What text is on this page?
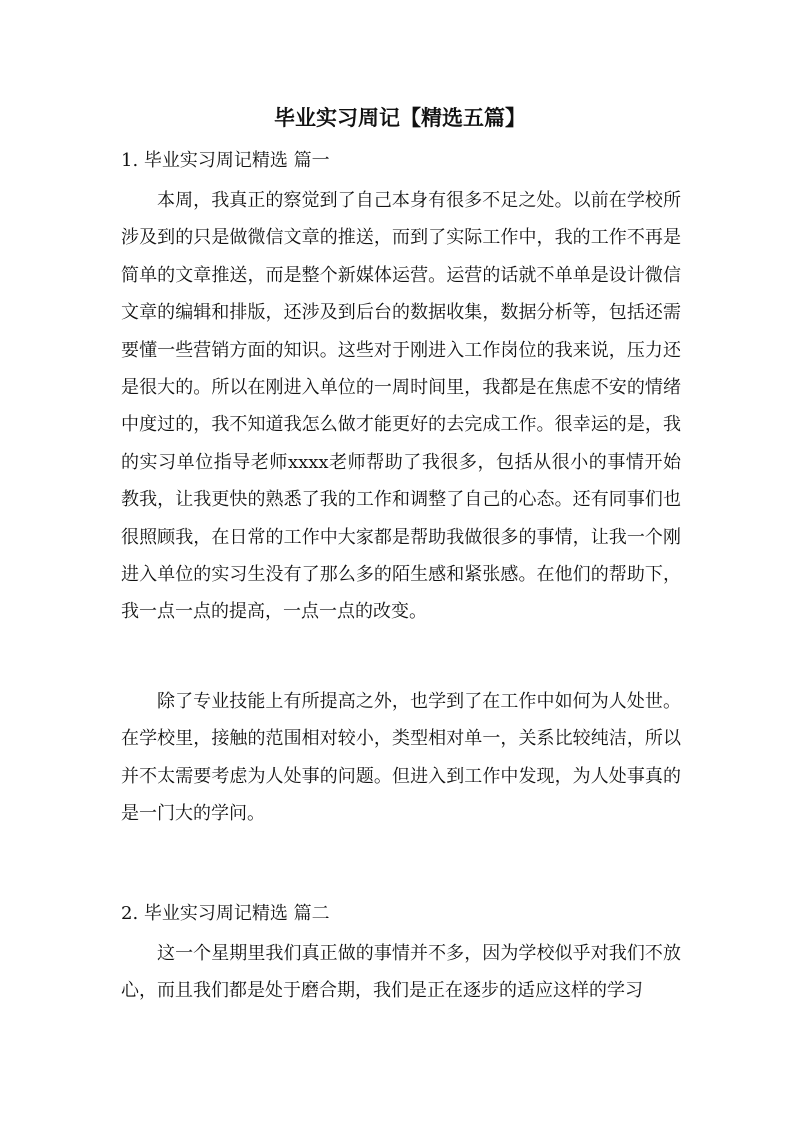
毕业实习周记【精选五篇】
1. 毕业实习周记精选 篇一

本周，我真正的察觉到了自己本身有很多不足之处。以前在学校所涉及到的只是做微信文章的推送，而到了实际工作中，我的工作不再是简单的文章推送，而是整个新媒体运营。运营的话就不单单是设计微信文章的编辑和排版，还涉及到后台的数据收集，数据分析等，包括还需要懂一些营销方面的知识。这些对于刚进入工作岗位的我来说，压力还是很大的。所以在刚进入单位的一周时间里，我都是在焦虑不安的情绪中度过的，我不知道我怎么做才能更好的去完成工作。很幸运的是，我的实习单位指导老师xxxx老师帮助了我很多，包括从很小的事情开始教我，让我更快的熟悉了我的工作和调整了自己的心态。还有同事们也很照顾我，在日常的工作中大家都是帮助我做很多的事情，让我一个刚进入单位的实习生没有了那么多的陌生感和紧张感。在他们的帮助下，我一点一点的提高，一点一点的改变。

除了专业技能上有所提高之外，也学到了在工作中如何为人处世。在学校里，接触的范围相对较小，类型相对单一，关系比较纯洁，所以并不太需要考虑为人处事的问题。但进入到工作中发现，为人处事真的是一门大的学问。

2. 毕业实习周记精选 篇二

这一个星期里我们真正做的事情并不多，因为学校似乎对我们不放心，而且我们都是处于磨合期，我们是正在逐步的适应这样的学习
